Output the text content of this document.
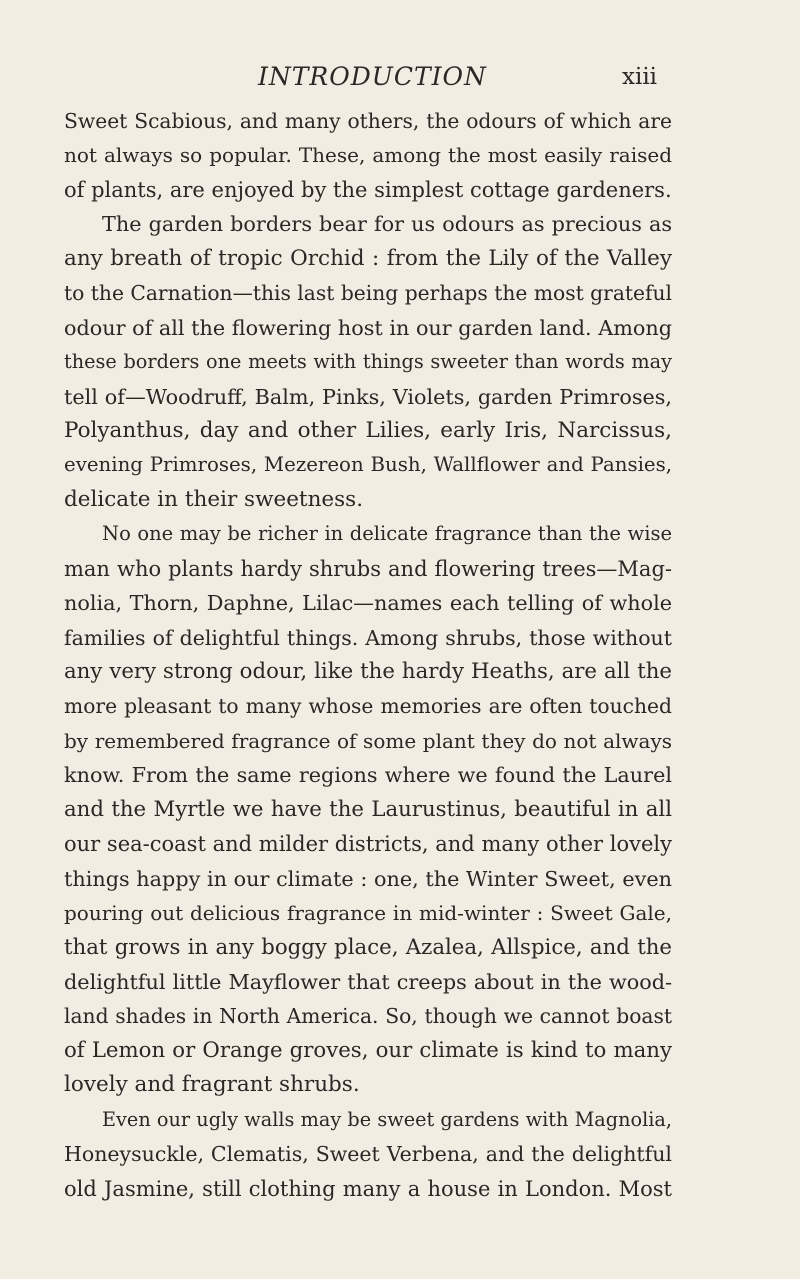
INTRODUCTION	xiii
Sweet Scabious, and many others, the odours of which are
not always so popular. These, among the most easily raised
of plants, are enjoyed by the simplest cottage gardeners.
The garden borders bear for us odours as precious as
any breath of tropic Orchid : from the Lily of the Valley
to the Carnation—this last being perhaps the most grateful
odour of all the flowering host in our garden land. Among
these borders one meets with things sweeter than words may
tell of—Woodruff, Balm, Pinks, Violets, garden Primroses,
Polyanthus, day and other Lilies, early Iris, Narcissus,
evening Primroses, Mezereon Bush, Wallflower and Pansies,
delicate in their sweetness.
No one may be richer in delicate fragrance than the wise
man who plants hardy shrubs and flowering trees—Mag-
nolia, Thorn, Daphne, Lilac—names each telling of whole
families of delightful things. Among shrubs, those without
any very strong odour, like the hardy Heaths, are all the
more pleasant to many whose memories are often touched
by remembered fragrance of some plant they do not always
know. From the same regions where we found the Laurel
and the Myrtle we have the Laurustinus, beautiful in all
our sea-coast and milder districts, and many other lovely
things happy in our climate : one, the Winter Sweet, even
pouring out delicious fragrance in mid-winter : Sweet Gale,
that grows in any boggy place, Azalea, Allspice, and the
delightful little Mayflower that creeps about in the wood-
land shades in North America. So, though we cannot boast
of Lemon or Orange groves, our climate is kind to many
lovely and fragrant shrubs.
Even our ugly walls may be sweet gardens with Magnolia,
Honeysuckle, Clematis, Sweet Verbena, and the delightful
old Jasmine, still clothing many a house in London. Most
